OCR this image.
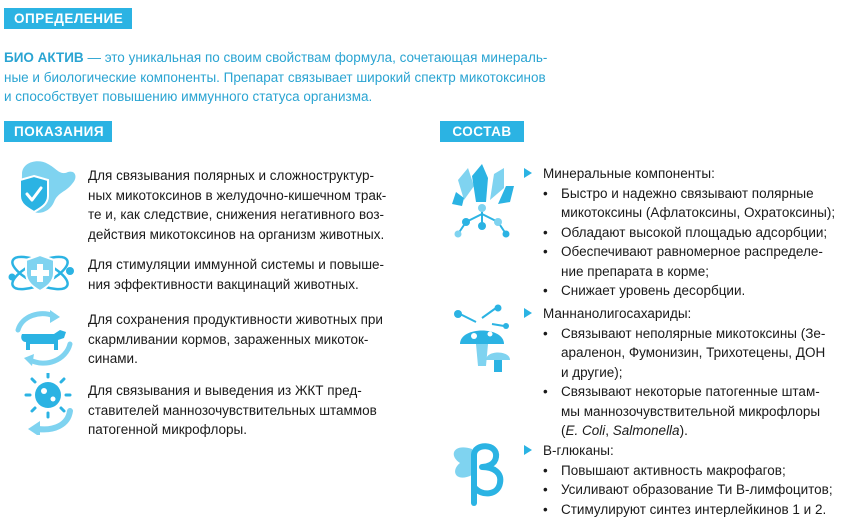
ОПРЕДЕЛЕНИЕ
БИО АКТИВ — это уникальная по своим свойствам формула, сочетающая минераль-
ные и биологические компоненты. Препарат связывает широкий спектр микотоксинов
и способствует повышению иммунного статуса организма.
ПОКАЗАНИЯ	СОСТАВ
Для связывания полярных и сложноструктур-
ных микотоксинов в желудочно-кишечном трак-
те и, как следствие, снижения негативного воз-
действия микотоксинов на организм животных.
Для стимуляции иммунной системы и повыше-
ния эффективности вакцинаций животных.
Для сохранения продуктивности животных при
скармливании кормов, зараженных микоток-
синами.
Для связывания и выведения из ЖКТ пред-
ставителей маннозочувствительных штаммов
патогенной микрофлоры.
Минеральные компоненты:
• Быстро и надежно связывают полярные
микотоксины (Афлатоксины, Охратоксины);
• Обладают высокой площадью адсорбции;
• Обеспечивают равномерное распределе-
ние препарата в корме;
• Снижает уровень десорбции.
Маннанолигосахариды:
• Связывают неполярные микотоксины (Зе-
араленон, Фумонизин, Трихотецены, ДОН
и другие);
• Связывают некоторые патогенные штам-
мы маннозочувствительной микрофлоры
(E. Coli, Salmonella).
B-глюканы:
• Повышают активность макрофагов;
• Усиливают образование Ти В-лимфоцитов;
• Стимулируют синтез интерлейкинов 1 и 2.
